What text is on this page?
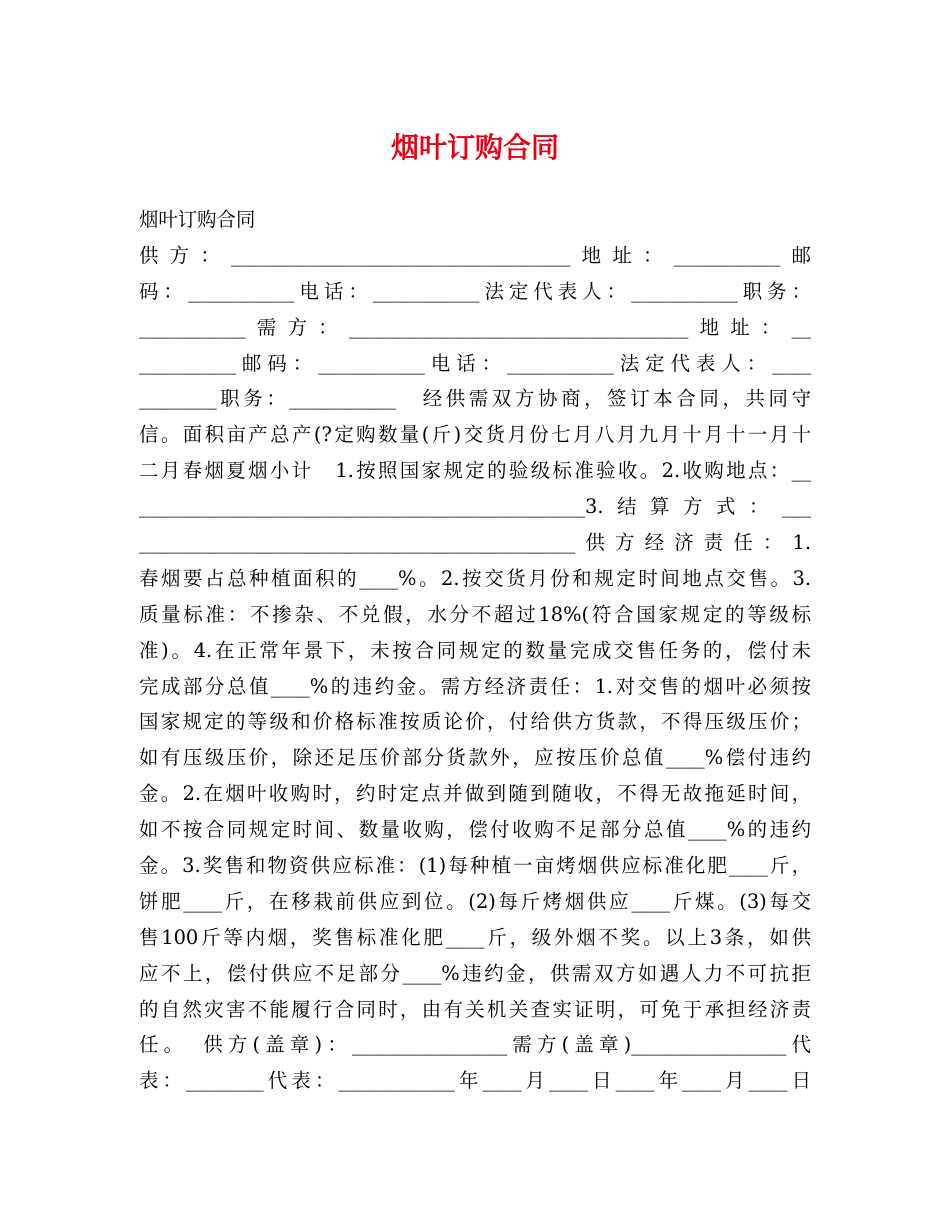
烟叶订购合同
烟叶订购合同
供方：___________________________________地址：___________邮
码：___________电话：___________法定代表人：___________职务：
___________需方：___________________________________地址：__
__________邮码：___________电话：___________法定代表人：____
________职务：___________　经供需双方协商，签订本合同，共同守
信。面积亩产总产(?定购数量(斤)交货月份七月八月九月十月十一月十
二月春烟夏烟小计　1.按照国家规定的验级标准验收。2.收购地点：__
______________________________________________3.结算方式：___
_____________________________________________供方经济责任：1.
春烟要占总种植面积的____%。2.按交货月份和规定时间地点交售。3.
质量标准：不掺杂、不兑假，水分不超过18%(符合国家规定的等级标
准)。4.在正常年景下，未按合同规定的数量完成交售任务的，偿付未
完成部分总值____%的违约金。需方经济责任：1.对交售的烟叶必须按
国家规定的等级和价格标准按质论价，付给供方货款，不得压级压价；
如有压级压价，除还足压价部分货款外，应按压价总值____%偿付违约
金。2.在烟叶收购时，约时定点并做到随到随收，不得无故拖延时间，
如不按合同规定时间、数量收购，偿付收购不足部分总值____%的违约
金。3.奖售和物资供应标准：(1)每种植一亩烤烟供应标准化肥____斤，
饼肥____斤，在移栽前供应到位。(2)每斤烤烟供应____斤煤。(3)每交
售100斤等内烟，奖售标准化肥____斤，级外烟不奖。以上3条，如供
应不上，偿付供应不足部分____%违约金，供需双方如遇人力不可抗拒
的自然灾害不能履行合同时，由有关机关查实证明，可免于承担经济责
任。　供方(盖章)：________________需方(盖章)________________代
表：________代表：____________年____月____日____年____月____日
